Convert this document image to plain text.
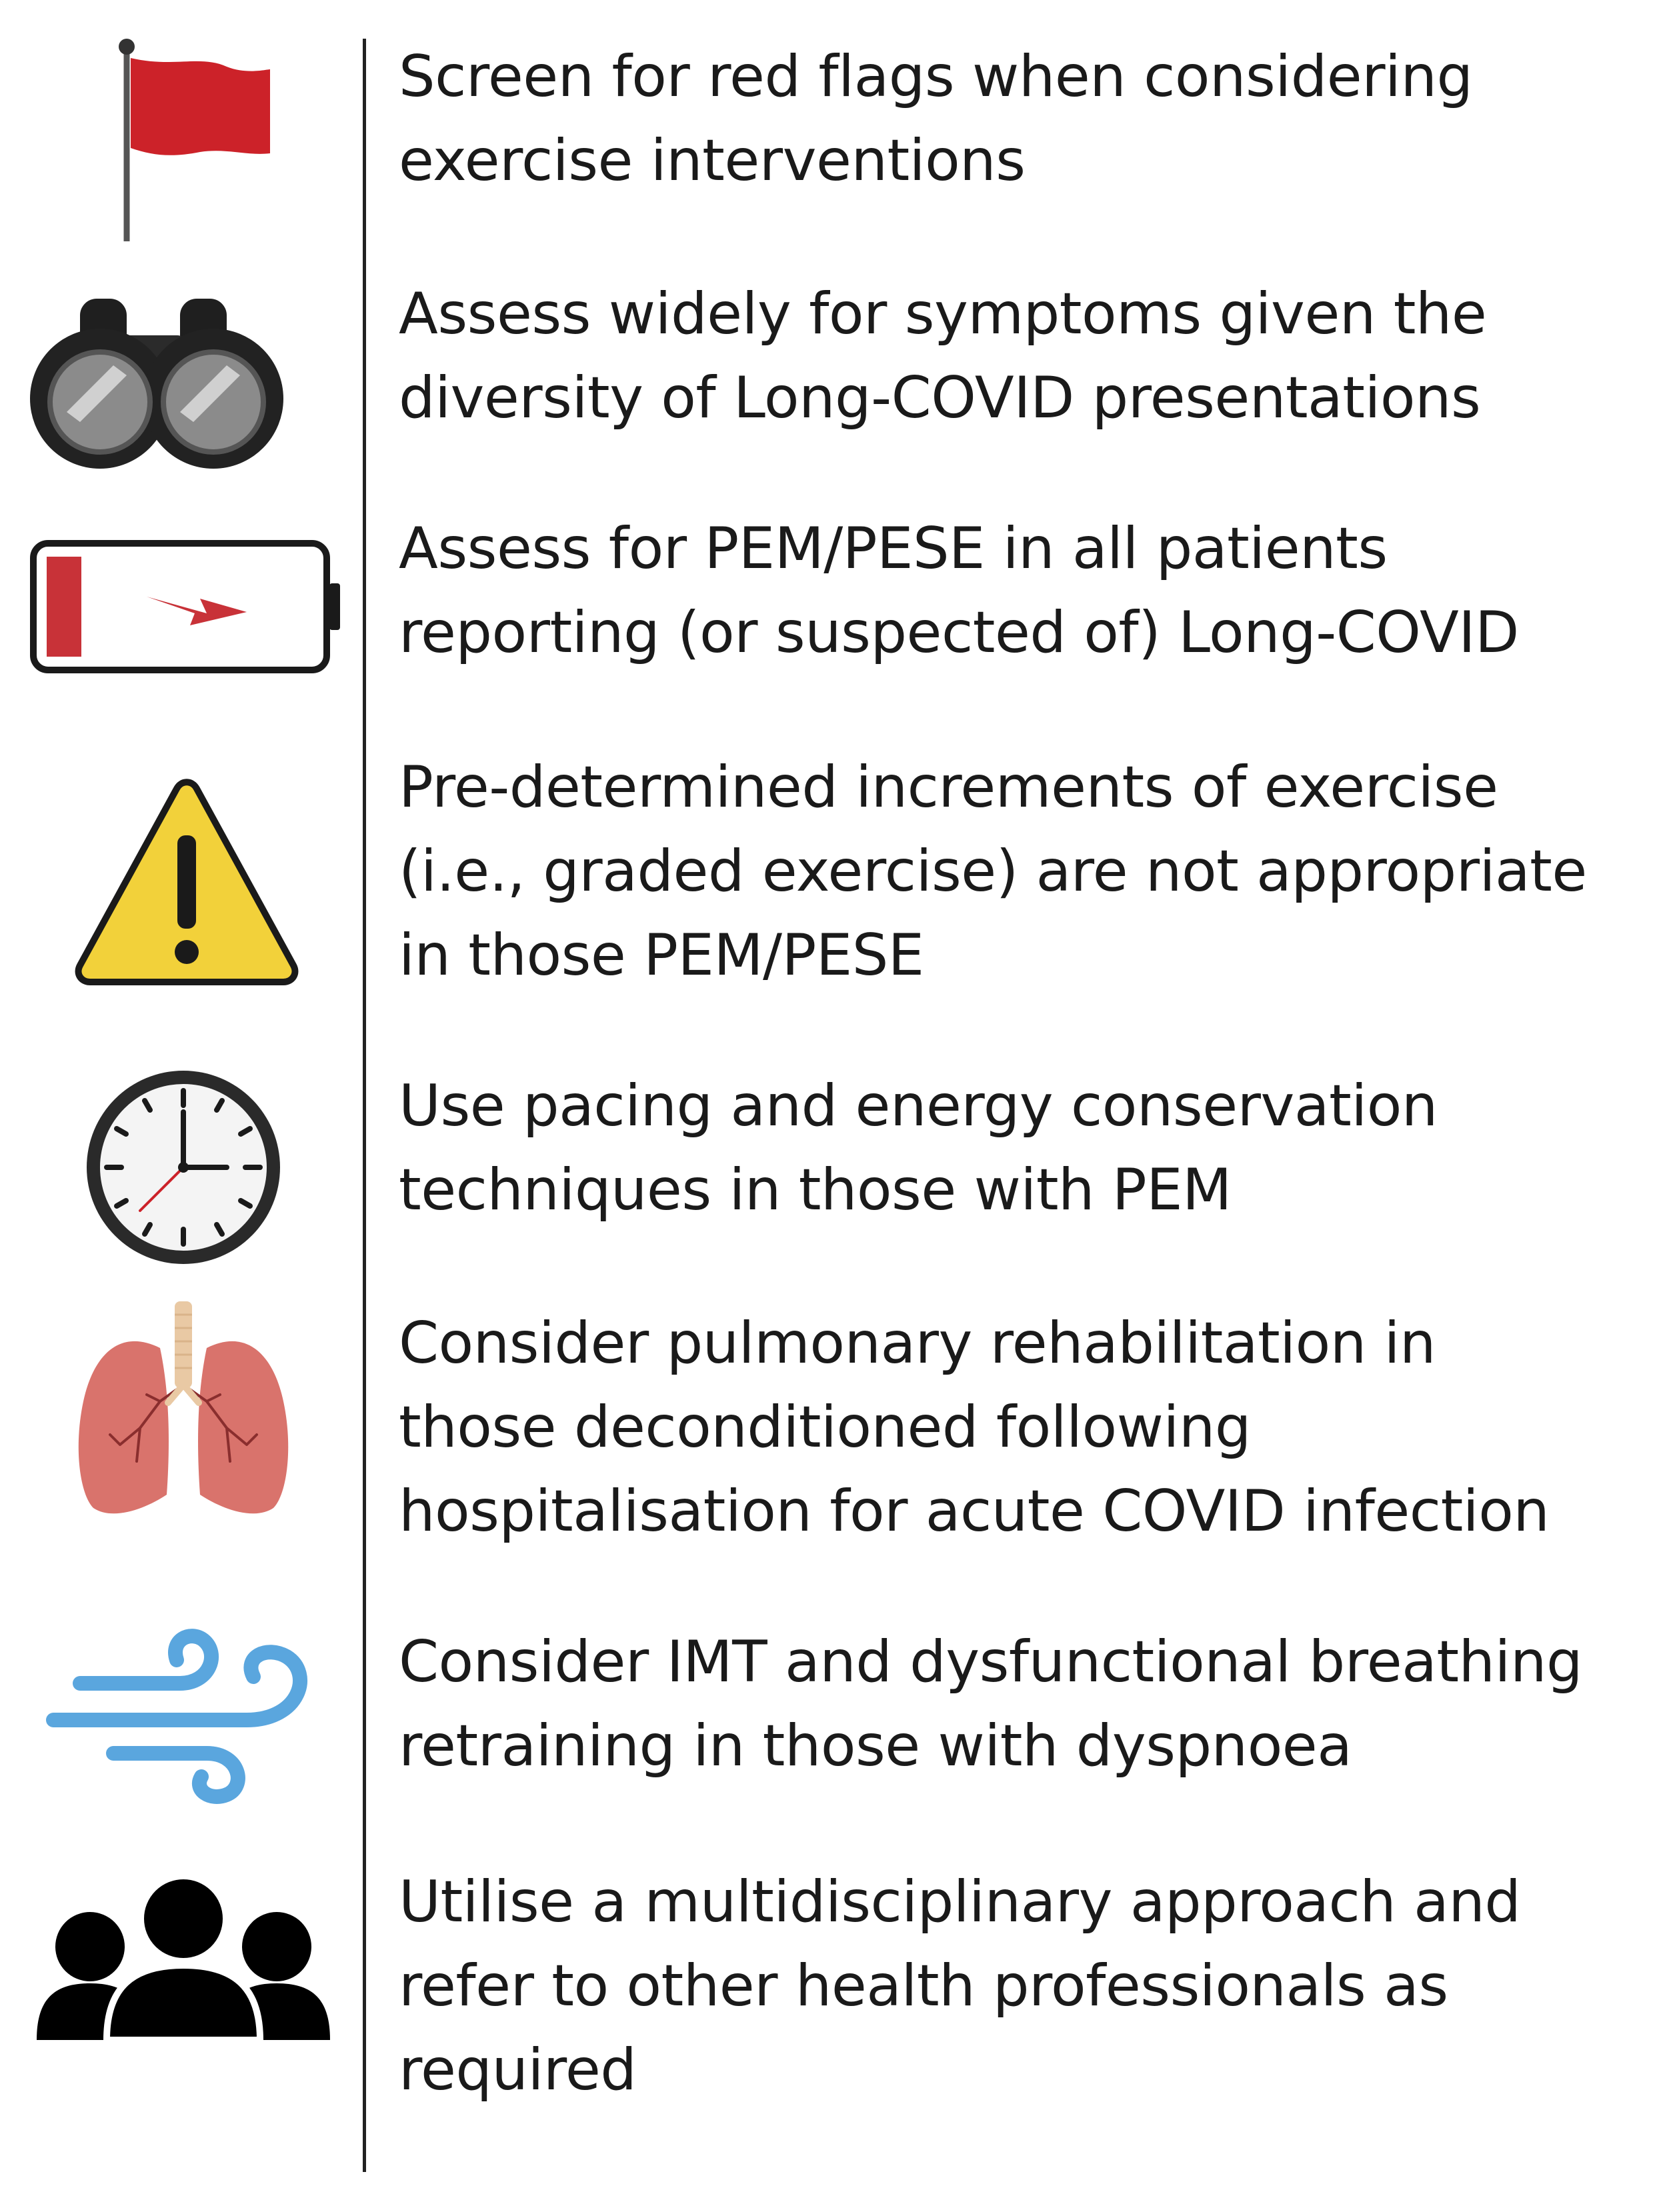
Screen for red flags when considering
exercise interventions
Assess widely for symptoms given the
diversity of Long-COVID presentations
Assess for PEM/PESE in all patients
reporting (or suspected of) Long-COVID
Pre-determined increments of exercise
(i.e., graded exercise) are not appropriate
in those PEM/PESE
Use pacing and energy conservation
techniques in those with PEM
Consider pulmonary rehabilitation in
those deconditioned following
hospitalisation for acute COVID infection
Consider IMT and dysfunctional breathing
retraining in those with dyspnoea
Utilise a multidisciplinary approach and
refer to other health professionals as
required
